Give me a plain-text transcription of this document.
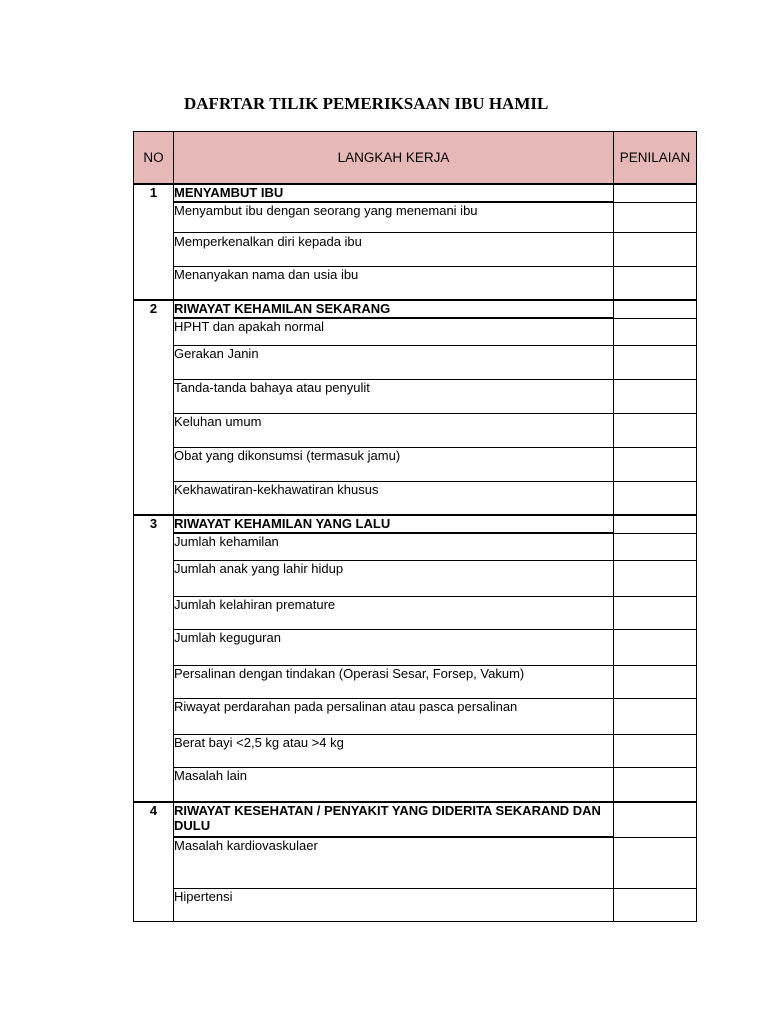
DAFRTAR TILIK PEMERIKSAAN IBU HAMIL
NO	LANGKAH KERJA	PENILAIAN
1	MENYAMBUT IBU	
	Menyambut ibu dengan seorang yang menemani ibu	
	Memperkenalkan diri kepada ibu	
	Menanyakan nama dan usia ibu	
2	RIWAYAT KEHAMILAN SEKARANG	
	HPHT dan apakah normal	
	Gerakan Janin	
	Tanda-tanda bahaya atau penyulit	
	Keluhan umum	
	Obat yang dikonsumsi (termasuk jamu)	
	Kekhawatiran-kekhawatiran khusus	
3	RIWAYAT KEHAMILAN YANG LALU	
	Jumlah kehamilan	
	Jumlah anak yang lahir hidup	
	Jumlah kelahiran premature	
	Jumlah keguguran	
	Persalinan dengan tindakan (Operasi Sesar, Forsep, Vakum)	
	Riwayat perdarahan pada persalinan atau pasca persalinan	
	Berat bayi <2,5 kg atau >4 kg	
	Masalah lain	
4	RIWAYAT KESEHATAN / PENYAKIT YANG DIDERITA SEKARAND DAN DULU	
	Masalah kardiovaskulaer	
	Hipertensi	
